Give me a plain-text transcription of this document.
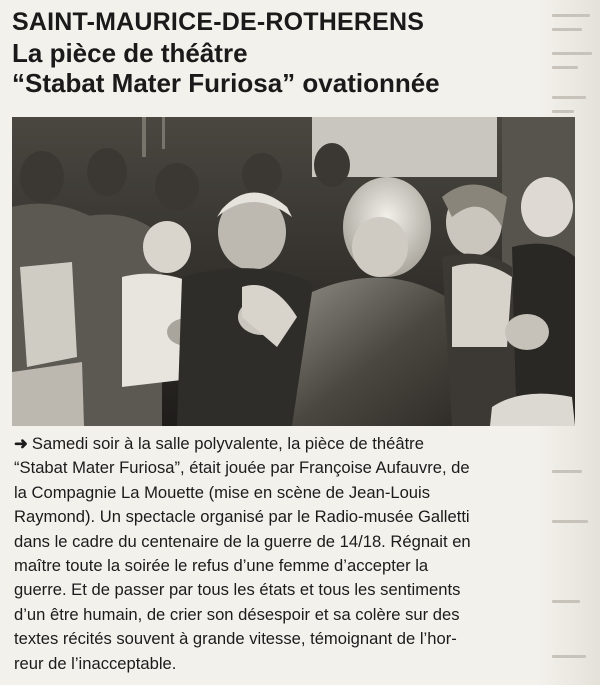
SAINT-MAURICE-DE-ROTHERENS
La pièce de théâtre
“Stabat Mater Furiosa” ovationnée

➜ Samedi soir à la salle polyvalente, la pièce de théâtre

“Stabat Mater Furiosa”, était jouée par Françoise Aufauvre, de

la Compagnie La Mouette (mise en scène de Jean-Louis

Raymond). Un spectacle organisé par le Radio-musée Galletti

dans le cadre du centenaire de la guerre de 14/18. Régnait en

maître toute la soirée le refus d’une femme d’accepter la

guerre. Et de passer par tous les états et tous les sentiments

d’un être humain, de crier son désespoir et sa colère sur des

textes récités souvent à grande vitesse, témoignant de l’hor-

reur de l’inacceptable.
